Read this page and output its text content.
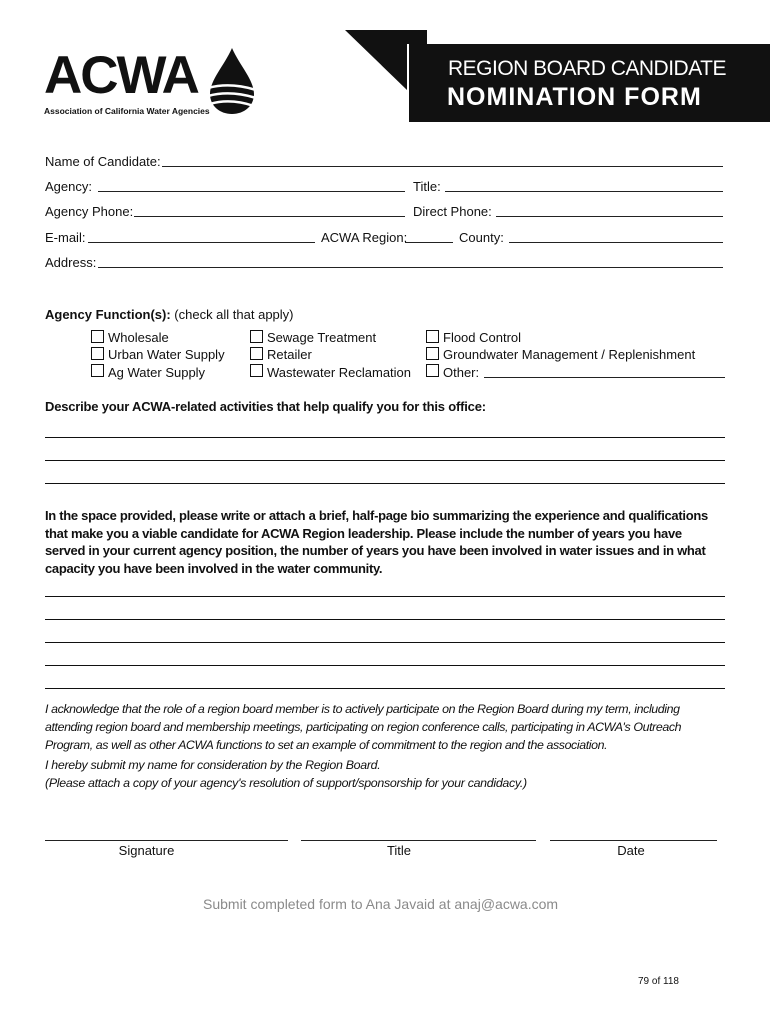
ACWA
Association of California Water Agencies
REGION BOARD CANDIDATE
NOMINATION FORM
Name of Candidate:
Agency:	Title:
Agency Phone:	Direct Phone:
E-mail:	ACWA Region:	County:
Address:
Agency Function(s): (check all that apply)
Wholesale
Urban Water Supply
Ag Water Supply
Sewage Treatment
Retailer
Wastewater Reclamation
Flood Control
Groundwater Management / Replenishment
Other:
Describe your ACWA-related activities that help qualify you for this office:
In the space provided, please write or attach a brief, half-page bio summarizing the experience and qualifications that make you a viable candidate for ACWA Region leadership. Please include the number of years you have served in your current agency position, the number of years you have been involved in water issues and in what capacity you have been involved in the water community.
I acknowledge that the role of a region board member is to actively participate on the Region Board during my term, including attending region board and membership meetings, participating on region conference calls, participating in ACWA's Outreach Program, as well as other ACWA functions to set an example of commitment to the region and the association.
I hereby submit my name for consideration by the Region Board.
(Please attach a copy of your agency's resolution of support/sponsorship for your candidacy.)
Signature	Title	Date
Submit completed form to Ana Javaid at anaj@acwa.com
79 of 118
